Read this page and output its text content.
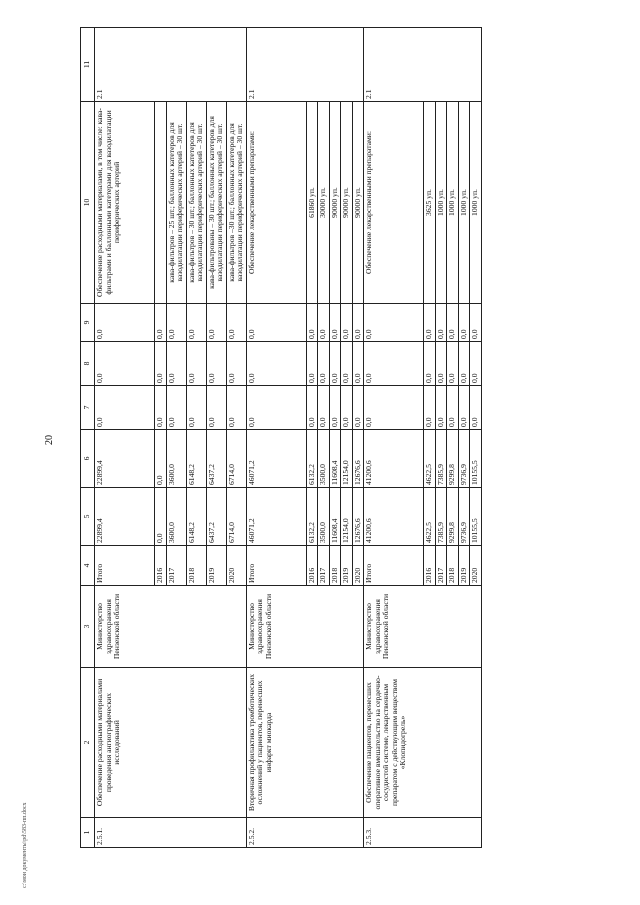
20
c:\мои документы\pd\583-пп.docx	1	2	3	4	5	6	7	8	9	10	11
2.5.1.	Обеспечение расходными материалами проведения ангиографических исследований	Министерство здравоохранения Пензенской области	Итого	22899,4	22899,4	0,0	0,0	0,0	Обеспечение расходными материалами, в том числе: кава-фильтрами и баллонными катетерами для вазодилатации периферических артерий	2.1
			2016	0,0	0,0	0,0	0,0	0,0		
			2017	3600,0	3600,0	0,0	0,0	0,0	кава-фильтров – 25 шт.; баллонных катетеров для вазодилатации периферических артерий – 30 шт.	
			2018	6148,2	6148,2	0,0	0,0	0,0	кава-фильтров – 30 шт.; баллонных катетеров для вазодилатации периферических артерий – 30 шт.	
			2019	6437,2	6437,2	0,0	0,0	0,0	кава-фильтрованы – 30 шт.; баллонных катетеров для вазодилатации периферических артерий – 30 шт.	
			2020	6714,0	6714,0	0,0	0,0	0,0	кава-фильтров –30 шт.; баллонных катетеров для вазодилатации периферических артерий – 30 шт.	
2.5.2.	Вторичная профилактика тромботических осложнений у пациентов, перенесших инфаркт миокарда	Министерство здравоохранения Пензенской области	Итого	46071,2	46071,2	0,0	0,0	0,0	Обеспечение лекарственными препаратами:	2.1
			2016	6132,2	6132,2	0,0	0,0	0,0	61860 уп.	
			2017	3500,0	3500,0	0,0	0,0	0,0	30000 уп.	
			2018	11608,4	11608,4	0,0	0,0	0,0	90000 уп.	
			2019	12154,0	12154,0	0,0	0,0	0,0	90000 уп.	
			2020	12676,6	12676,6	0,0	0,0	0,0	90000 уп.	
2.5.3.	Обеспечение пациентов, перенесших оперативное вмешательство на сердечно-сосудистой системе, лекарственным препаратом с действующим веществом «Клопидогрель»	Министерство здравоохранения Пензенской области	Итого	41200,6	41200,6	0,0	0,0	0,0	Обеспечение лекарственными препаратами:	2.1
			2016	4622,5	4622,5	0,0	0,0	0,0	3625 уп.	
			2017	7385,9	7385,9	0,0	0,0	0,0	1000 уп.	
			2018	9299,8	9299,8	0,0	0,0	0,0	1000 уп.	
			2019	9736,9	9736,9	0,0	0,0	0,0	1000 уп.	
			2020	10155,5	10155,5	0,0	0,0	0,0	1000 уп.	
